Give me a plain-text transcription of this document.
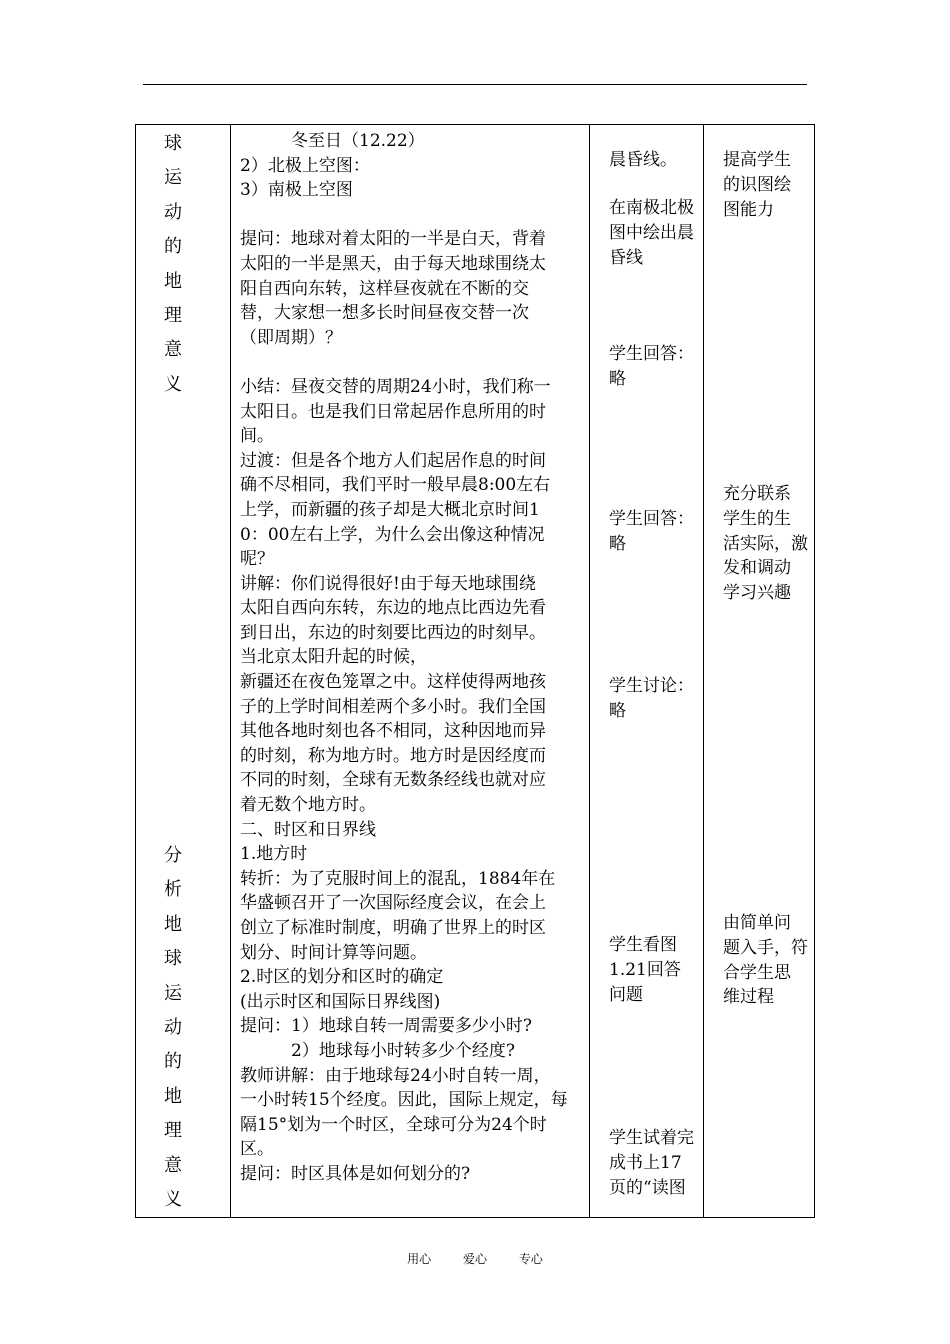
球
运
动
的
地
理
意
义
分
析
地
球
运
动
的
地
理
意
义
　　　冬至日（12.22）
2）北极上空图：
3）南极上空图
提问：地球对着太阳的一半是白天，背着
太阳的一半是黑天，由于每天地球围绕太
阳自西向东转，这样昼夜就在不断的交
替，大家想一想多长时间昼夜交替一次
（即周期）？
小结：昼夜交替的周期24小时，我们称一
太阳日。也是我们日常起居作息所用的时
间。
过渡：但是各个地方人们起居作息的时间
确不尽相同，我们平时一般早晨8:00左右
上学，而新疆的孩子却是大概北京时间1
0：00左右上学，为什么会出像这种情况
呢？
讲解：你们说得很好!由于每天地球围绕
太阳自西向东转，东边的地点比西边先看
到日出，东边的时刻要比西边的时刻早。
当北京太阳升起的时候，
新疆还在夜色笼罩之中。这样使得两地孩
子的上学时间相差两个多小时。我们全国
其他各地时刻也各不相同，这种因地而异
的时刻，称为地方时。地方时是因经度而
不同的时刻，全球有无数条经线也就对应
着无数个地方时。
二、时区和日界线
1.地方时
转折：为了克服时间上的混乱，1884年在
华盛顿召开了一次国际经度会议，在会上
创立了标准时制度，明确了世界上的时区
划分、时间计算等问题。
2.时区的划分和区时的确定
(出示时区和国际日界线图)
提问：1）地球自转一周需要多少小时?
　　　2）地球每小时转多少个经度?
教师讲解：由于地球每24小时自转一周，
一小时转15个经度。因此，国际上规定，每
隔15°划为一个时区，全球可分为24个时
区。
提问：时区具体是如何划分的?
晨昏线。
在南极北极
图中绘出晨
昏线
学生回答：
略
学生回答：
略
学生讨论：
略
学生看图
1.21回答
问题
学生试着完
成书上17
页的“读图
提高学生
的识图绘
图能力
充分联系
学生的生
活实际，激
发和调动
学习兴趣
由简单问
题入手，符
合学生思
维过程
用心	爱心	专心
